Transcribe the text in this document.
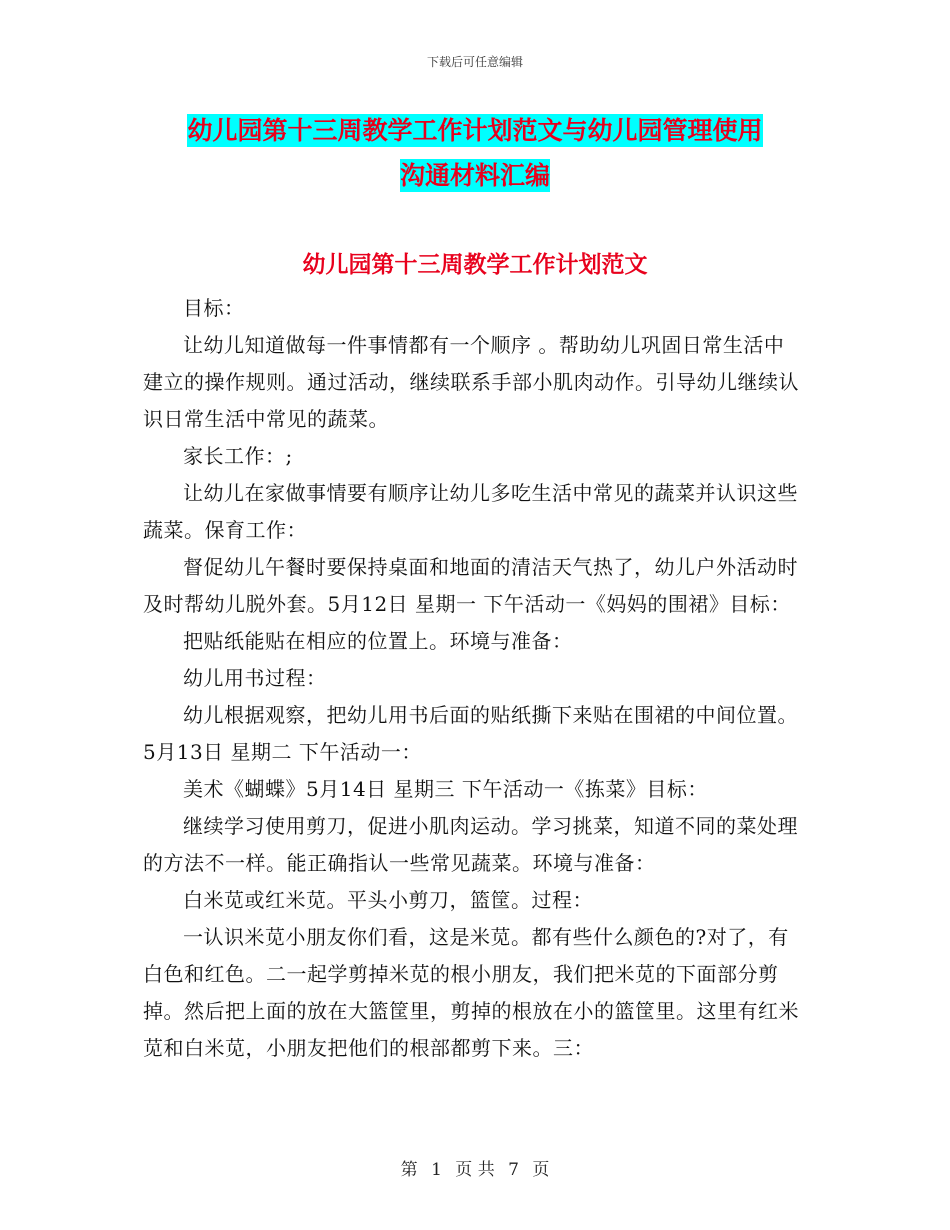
下载后可任意编辑
幼儿园第十三周教学工作计划范文与幼儿园管理使用
沟通材料汇编
幼儿园第十三周教学工作计划范文

目标：

让幼儿知道做每一件事情都有一个顺序 。帮助幼儿巩固日常生活中建立的操作规则。通过活动，继续联系手部小肌肉动作。引导幼儿继续认识日常生活中常见的蔬菜。

家长工作：;

让幼儿在家做事情要有顺序让幼儿多吃生活中常见的蔬菜并认识这些蔬菜。保育工作：

督促幼儿午餐时要保持桌面和地面的清洁天气热了，幼儿户外活动时及时帮幼儿脱外套。5月12日 星期一 下午活动一《妈妈的围裙》目标：

把贴纸能贴在相应的位置上。环境与准备：

幼儿用书过程：

幼儿根据观察，把幼儿用书后面的贴纸撕下来贴在围裙的中间位置。5月13日 星期二 下午活动一：

美术《蝴蝶》5月14日 星期三 下午活动一《拣菜》目标：

继续学习使用剪刀，促进小肌肉运动。学习挑菜，知道不同的菜处理的方法不一样。能正确指认一些常见蔬菜。环境与准备：

白米苋或红米苋。平头小剪刀，篮筐。过程：

一认识米苋小朋友你们看，这是米苋。都有些什么颜色的?对了，有白色和红色。二一起学剪掉米苋的根小朋友，我们把米苋的下面部分剪掉。然后把上面的放在大篮筐里，剪掉的根放在小的篮筐里。这里有红米苋和白米苋，小朋友把他们的根部都剪下来。三：

第 1 页 共 7 页
